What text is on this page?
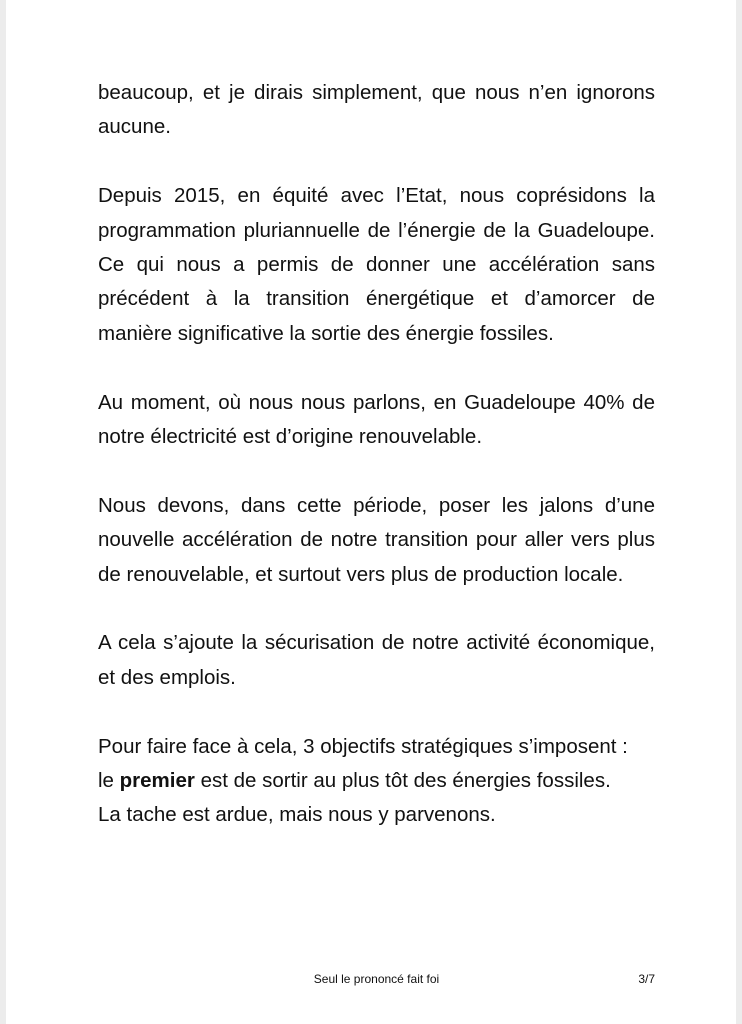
beaucoup, et je dirais simplement, que nous n’en ignorons aucune.

Depuis 2015, en équité avec l’Etat, nous coprésidons la programmation pluriannuelle de l’énergie de la Guadeloupe. Ce qui nous a permis de donner une accélération sans précédent à la transition énergétique et d’amorcer de manière significative la sortie des énergie fossiles.

Au moment, où nous nous parlons, en Guadeloupe 40% de notre électricité est d’origine renouvelable.

Nous devons, dans cette période, poser les jalons d’une nouvelle accélération de notre transition pour aller vers plus de renouvelable, et surtout vers plus de production locale.

A cela s’ajoute la sécurisation de notre activité économique, et des emplois.

Pour faire face à cela, 3 objectifs stratégiques s’imposent :
le premier est de sortir au plus tôt des énergies fossiles.
La tache est ardue, mais nous y parvenons.
Seul le prononcé fait foi	3/7
